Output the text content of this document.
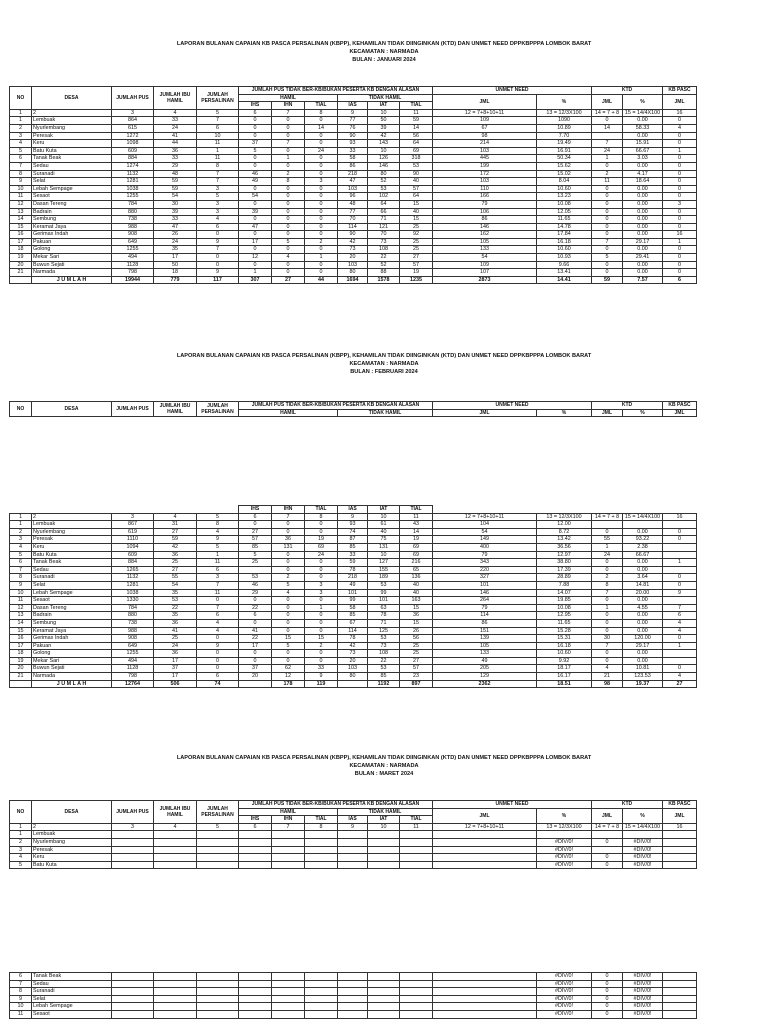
LAPORAN BULANAN CAPAIAN KB PASCA PERSALINAN (KBPP), KEHAMILAN TIDAK DIINGINKAN (KTD) DAN UNMET NEED DPPKBPPPA LOMBOK BARAT
KECAMATAN : NARMADA
BULAN : JANUARI 2024
NO	DESA	JUMLAH PUS	JUMLAH IBU HAMIL	JUMLAH PERSALINAN	JUMLAH PUS TIDAK BER-KB/BUKAN PESERTA KB DENGAN ALASAN						UNMET NEED		KTD		KB PASC
					HAMIL			TIDAK HAMIL			JML	%	JML	%	JML
					IHS	IHN	TIAL	IAS	IAT	TIAL					
1	2	3	4	5	6	7	8	9	10	11	12 = 7+8+10+11	13 = 12/3X100	14 = 7 + 8	15 = 14/4X100	16
1	Lembuak	864	33	7	0	0	0	77	50	59	109	1090	0	0.00	0
2	Nyurlembang	615	24	6	0	0	14	76	39	14	67	10.89	14	58.33	4
3	Peresak	1272	41	10	0	0	0	90	42	56	98	7.70		0.00	0
4	Keru	1098	44	11	37	7	0	93	143	64	214	19.49	7	15.91	0
5	Batu Kuta	609	36	1	5	0	24	33	10	69	103	16.91	24	66.67	1
6	Tanak Beak	884	33	11	0	1	0	58	126	318	445	50.34	1	3.03	0
7	Sedau	1274	29	8	0	0	0	86	146	53	199	15.62	0	0.00	0
8	Suranadi	1132	48	7	46	2	0	218	80	90	172	15.02	2	4.17	0
9	Selat	1281	59	7	49	8	3	47	52	40	103	8.04	11	18.64	0
10	Lebah Sempage	1038	59	3	0	0	0	103	53	57	110	10.60	0	0.00	0
11	Sesaot	1255	54	5	54	0	0	96	102	64	166	13.23	0	0.00	0
12	Dasan Tereng	784	30	3	0	0	0	48	64	15	79	10.08	0	0.00	3
13	Badrain	880	39	3	39	0	0	77	66	40	106	12.05	0	0.00	0
14	Sembung	738	33	4	0	0	0	70	71	15	86	11.65	0	0.00	0
15	Keramat Jaya	988	47	6	47	0	0	114	121	25	146	14.78	0	0.00	0
16	Gerimax Indah	908	26	0	0	0	0	90	70	92	162	17.84	0	0.00	16
17	Pakuan	649	24	9	17	5	2	42	73	25	105	16.18	7	29.17	1
18	Golong	1255	35	7	0	0	0	73	108	25	133	10.60	0	0.00	0
19	Mekar Sari	494	17	0	12	4	1	20	22	27	54	10.93	5	29.41	0
20	Buwun Sejati	1128	50	0	0	0	0	103	52	57	109	9.66	0	0.00	0
21	Narmada	798	18	9	1	0	0	80	88	19	107	13.41	0	0.00	0
	J U M L A H	19944	779	117	307	27	44	1694	1578	1235	2873	14.41	59	7.57	6
LAPORAN BULANAN CAPAIAN KB PASCA PERSALINAN (KBPP), KEHAMILAN TIDAK DIINGINKAN (KTD) DAN UNMET NEED DPPKBPPPA LOMBOK BARAT
KECAMATAN : NARMADA
BULAN : FEBRUARI 2024
NO	DESA	JUMLAH PUS	JUMLAH IBU HAMIL	JUMLAH PERSALINAN	JUMLAH PUS TIDAK BER-KB/BUKAN PESERTA KB DENGAN ALASAN		UNMET NEED		KTD		KB PASC
					HAMIL	TIDAK HAMIL	JML	%	JML	%	JML
					IHS	IHN	TIAL	IAS	IAT	TIAL					
1	2	3	4	5	6	7	8	9	10	11	12 = 7+8+10+11	13 = 12/3X100	14 = 7 + 8	15 = 14/4X100	16
1	Lembuak	867	31	8	0	0	0	93	61	43	104	12.00			
2	Nyurlembang	619	27	4	27	0	0	74	40	14	54	8.72	0	0.00	0
3	Peresak	1110	59	9	57	36	19	87	75	19	149	13.42	55	93.22	0
4	Keru	1094	42	5	85	131	69	85	131	69	400	36.56	1	2.38	
5	Batu Kuta	609	36	1	5	0	24	33	10	69	79	12.97	24	66.67	
6	Tanak Beak	884	25	11	25	0	0	59	127	216	343	38.80	0	0.00	1
7	Sedau	1265	27	6		0	0	78	155	65	220	17.39	0	0.00	
8	Suranadi	1132	55	3	53	2	0	218	189	136	327	28.89	2	3.64	0
9	Selat	1281	54	7	46	5	3	49	53	40	101	7.88	8	14.81	0
10	Lebah Sempage	1038	35	11	29	4	3	101	99	40	146	14.07	7	20.00	9
11	Sesaot	1330	53	0	0	0	0	99	101	163	264	19.85	0	0.00	
12	Dasan Tereng	784	22	7	22	0	1	58	63	15	79	10.08	1	4.55	7
13	Badrain	880	35	6	6	0	0	85	78	36	114	12.95	0	0.00	6
14	Sembung	738	36	4	0	0	0	67	71	15	86	11.65	0	0.00	4
15	Keramat Jaya	988	41	4	41	0	0	114	125	26	151	15.28	0	0.00	4
16	Gerimax Indah	908	25	0	22	15	15	78	53	56	139	15.31	30	120.00	0
17	Pakuan	649	24	9	17	5	2	42	73	25	105	16.18	7	29.17	1
18	Golong	1255	36	0	0	0	0	73	108	25	133	10.60	0	0.00	
19	Mekar Sari	494	17	0	0	0	0	20	22	27	49	9.92	0	0.00	
20	Buwun Sejati	1128	37	0	37	62	33	103	53	57	205	18.17	4	10.81	0
21	Narmada	798	17	6	20	12	9	80	85	23	129	16.17	21	123.53	4
	J U M L A H	12764	506	74		178	119		1192	897	2362	18.51	98	19.37	27
LAPORAN BULANAN CAPAIAN KB PASCA PERSALINAN (KBPP), KEHAMILAN TIDAK DIINGINKAN (KTD) DAN UNMET NEED DPPKBPPPA LOMBOK BARAT
KECAMATAN : NARMADA
BULAN : MARET 2024
NO	DESA	JUMLAH PUS	JUMLAH IBU HAMIL	JUMLAH PERSALINAN	JUMLAH PUS TIDAK BER-KB/BUKAN PESERTA KB DENGAN ALASAN						UNMET NEED		KTD		KB PASC
					HAMIL			TIDAK HAMIL			JML	%	JML	%	JML
					IHS	IHN	TIAL	IAS	IAT	TIAL					
1	2	3	4	5	6	7	8	9	10	11	12 = 7+8+10+11	13 = 12/3X100	14 = 7 + 8	15 = 14/4X100	16
1	Lembuak														
2	Nyurlembang											#DIV/0!	0	#DIV/0!	
3	Peresak											#DIV/0!		#DIV/0!	
4	Keru											#DIV/0!	0	#DIV/0!	
5	Batu Kuta											#DIV/0!	0	#DIV/0!	
6	Tanak Beak											#DIV/0!	0	#DIV/0!	
7	Sedau											#DIV/0!	0	#DIV/0!	
8	Suranadi											#DIV/0!	0	#DIV/0!	
9	Selat											#DIV/0!	0	#DIV/0!	
10	Lebah Sempage											#DIV/0!	0	#DIV/0!	
11	Sesaot											#DIV/0!	0	#DIV/0!	
